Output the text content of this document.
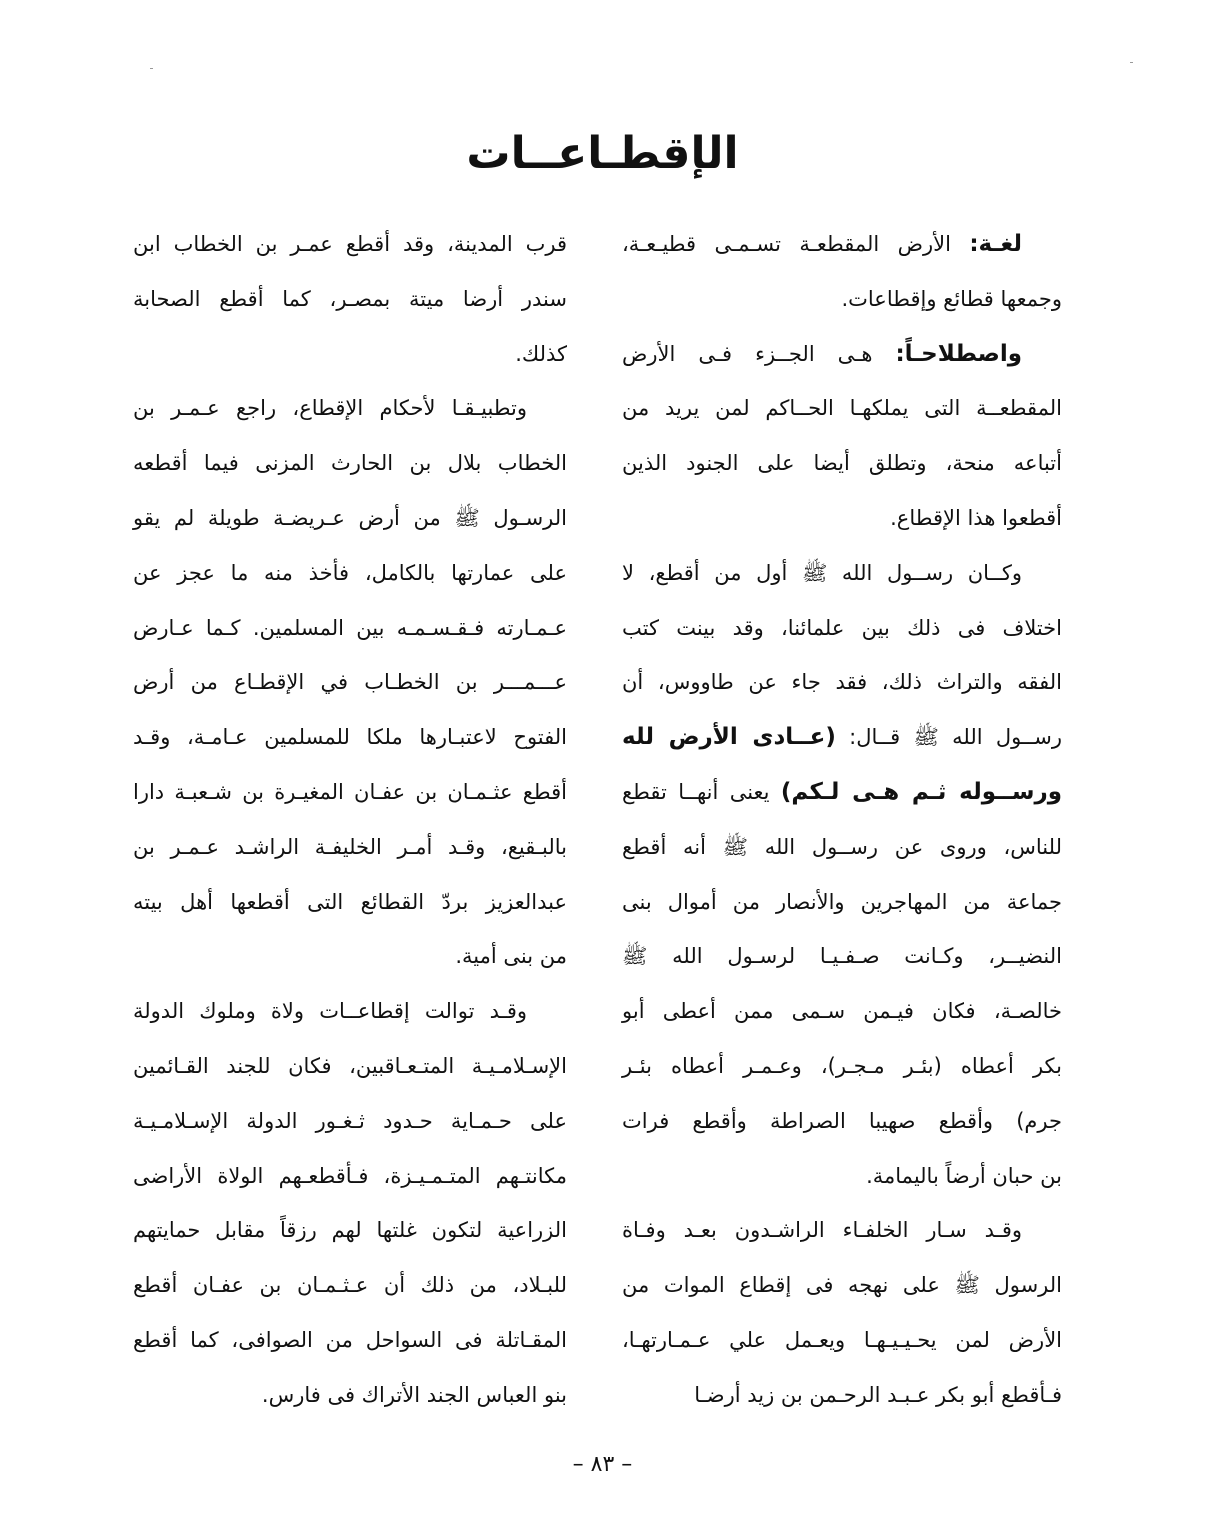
الإقطـاعــات
لغـة: الأرض المقطعـة تسـمـى قطيـعـة،
وجمعها قطائع وإقطاعات.
واصطلاحـاً: هـى الجــزء فـى الأرض
المقطعــة التى يملكهـا الحــاكم لمن يريد من
أتباعه منحة، وتطلق أيضا على الجنود الذين
أقطعوا هذا الإقطاع.
وكــان رســول الله ﷺ أول من أقطع، لا
اختلاف فى ذلك بين علمائنا، وقد بينت كتب
الفقه والتراث ذلك، فقد جاء عن طاووس، أن
رســول الله ﷺ قــال: (عــادى الأرض لله
ورســوله ثـم هـى لـكم) يعنى أنهــا تقطع
للناس، وروى عن رســول الله ﷺ أنه أقطع
جماعة من المهاجرين والأنصار من أموال بنى
النضيــر، وكـانت صـفـيـا لرسـول الله ﷺ
خالصـة، فكان فيـمن سـمى ممن أعطى أبو
بكر أعطاه (بئـر مـجـر)، وعـمـر أعطاه بئـر
جرم) وأقطع صهيبا الصراطة وأقطع فرات
بن حبان أرضاً باليمامة.
وقـد سـار الخلفـاء الراشـدون بعـد وفـاة
الرسول ﷺ على نهجه فى إقطاع الموات من
الأرض لمن يحـيـيـهـا ويعـمل علي عـمـارتهـا،
فـأقطع أبو بكر عـبـد الرحـمن بن زيد أرضـا
قرب المدينة، وقد أقطع عمـر بن الخطاب ابن
سندر أرضا ميتة بمصـر، كما أقطع الصحابة
كذلك.
وتطبيـقـا لأحكام الإقطاع، راجع عـمـر بن
الخطاب بلال بن الحارث المزنى فيما أقطعه
الرسـول ﷺ من أرض عـريضـة طويلة لم يقو
على عمارتها بالكامل، فأخذ منه ما عجز عن
عـمـارته فـقـسـمـه بين المسلمين. كـما عـارض
عـــمـــر بن الخطـاب في الإقطـاع من أرض
الفتوح لاعتبـارها ملكا للمسلمين عـامـة، وقـد
أقطع عثـمـان بن عفـان المغيـرة بن شـعبـة دارا
بالبـقيع، وقـد أمـر الخليفـة الراشـد عـمـر بن
عبدالعزيز بردّ القطائع التى أقطعها أهل بيته
من بنى أمية.
وقـد توالت إقطاعــات ولاة وملوك الدولة
الإسـلامـيـة المتـعـاقبين، فكان للجند القـائمين
على حـمـاية حـدود ثـغـور الدولة الإسـلامـيـة
مكانتـهم المتـمـيـزة، فـأقطعـهم الولاة الأراضى
الزراعية لتكون غلتها لهم رزقاً مقابل حمايتهم
للبـلاد، من ذلك أن عـثـمـان بن عفـان أقطع
المقـاتلة فى السواحل من الصوافى، كما أقطع
بنو العباس الجند الأتراك فى فارس.
– ٨٣ –
